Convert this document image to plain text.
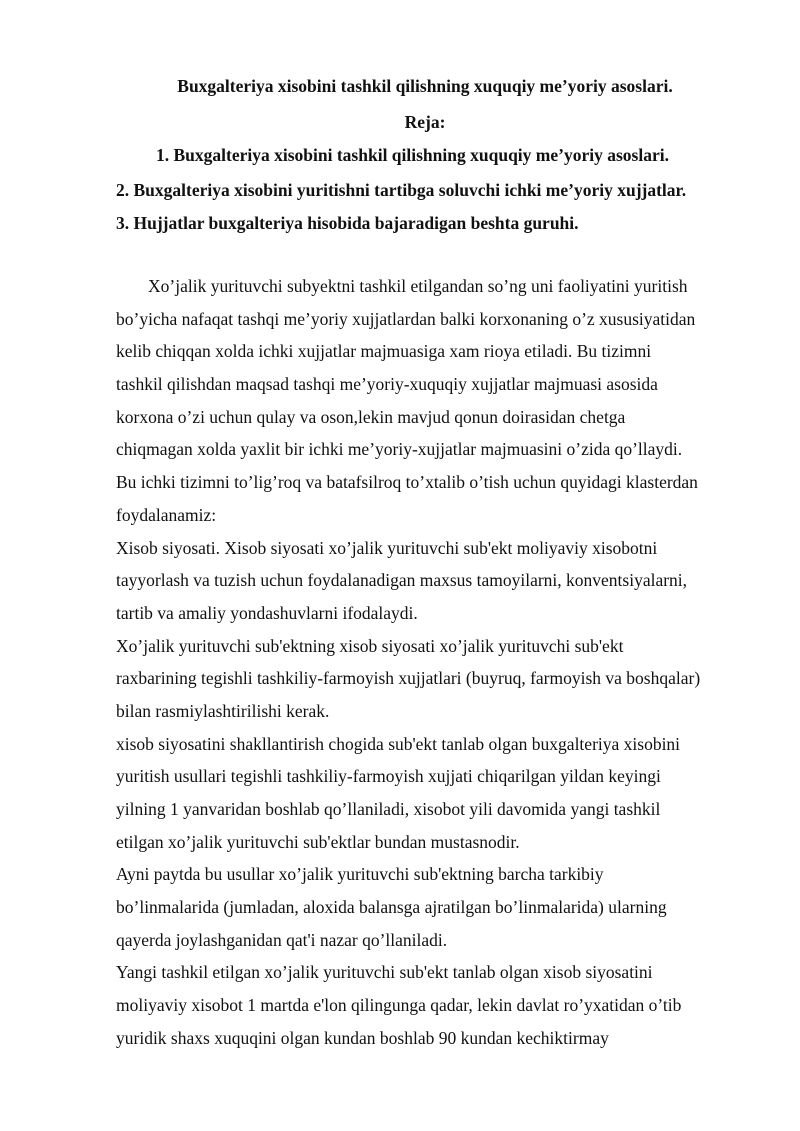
Buxgalteriya xisobini tashkil qilishning xuquqiy me’yoriy asoslari.
Reja:
1. Buxgalteriya xisobini tashkil qilishning xuquqiy me’yoriy asoslari.
2. Buxgalteriya xisobini yuritishni tartibga soluvchi ichki me’yoriy xujjatlar.
3. Hujjatlar buxgalteriya hisobida bajaradigan beshta guruhi.
Xo’jalik yurituvchi subyektni tashkil etilgandan so’ng uni faoliyatini yuritish
bo’yicha nafaqat tashqi me’yoriy xujjatlardan balki korxonaning o’z xususiyatidan
kelib chiqqan xolda ichki xujjatlar majmuasiga xam rioya etiladi. Bu tizimni
tashkil qilishdan maqsad tashqi me’yoriy-xuquqiy xujjatlar majmuasi asosida
korxona o’zi uchun qulay va oson,lekin mavjud qonun doirasidan chetga
chiqmagan xolda yaxlit bir ichki me’yoriy-xujjatlar majmuasini o’zida qo’llaydi.
Bu ichki tizimni to’lig’roq va batafsilroq to’xtalib o’tish uchun quyidagi klasterdan
foydalanamiz:
Xisob siyosati. Xisob siyosati xo’jalik yurituvchi sub'ekt moliyaviy xisobotni
tayyorlash va tuzish uchun foydalanadigan maxsus tamoyilarni, konventsiyalarni,
tartib va amaliy yondashuvlarni ifodalaydi.
Xo’jalik yurituvchi sub'ektning xisob siyosati xo’jalik yurituvchi sub'ekt
raxbarining tegishli tashkiliy-farmoyish xujjatlari (buyruq, farmoyish va boshqalar)
bilan rasmiylashtirilishi kerak.
xisob siyosatini shakllantirish chogida sub'ekt tanlab olgan buxgalteriya xisobini
yuritish usullari tegishli tashkiliy-farmoyish xujjati chiqarilgan yildan keyingi
yilning 1 yanvaridan boshlab qo’llaniladi, xisobot yili davomida yangi tashkil
etilgan xo’jalik yurituvchi sub'ektlar bundan mustasnodir.
Ayni paytda bu usullar xo’jalik yurituvchi sub'ektning barcha tarkibiy
bo’linmalarida (jumladan, aloxida balansga ajratilgan bo’linmalarida) ularning
qayerda joylashganidan qat'i nazar qo’llaniladi.
Yangi tashkil etilgan xo’jalik yurituvchi sub'ekt tanlab olgan xisob siyosatini
moliyaviy xisobot 1 martda e'lon qilingunga qadar, lekin davlat ro’yxatidan o’tib
yuridik shaxs xuquqini olgan kundan boshlab 90 kundan kechiktirmay
